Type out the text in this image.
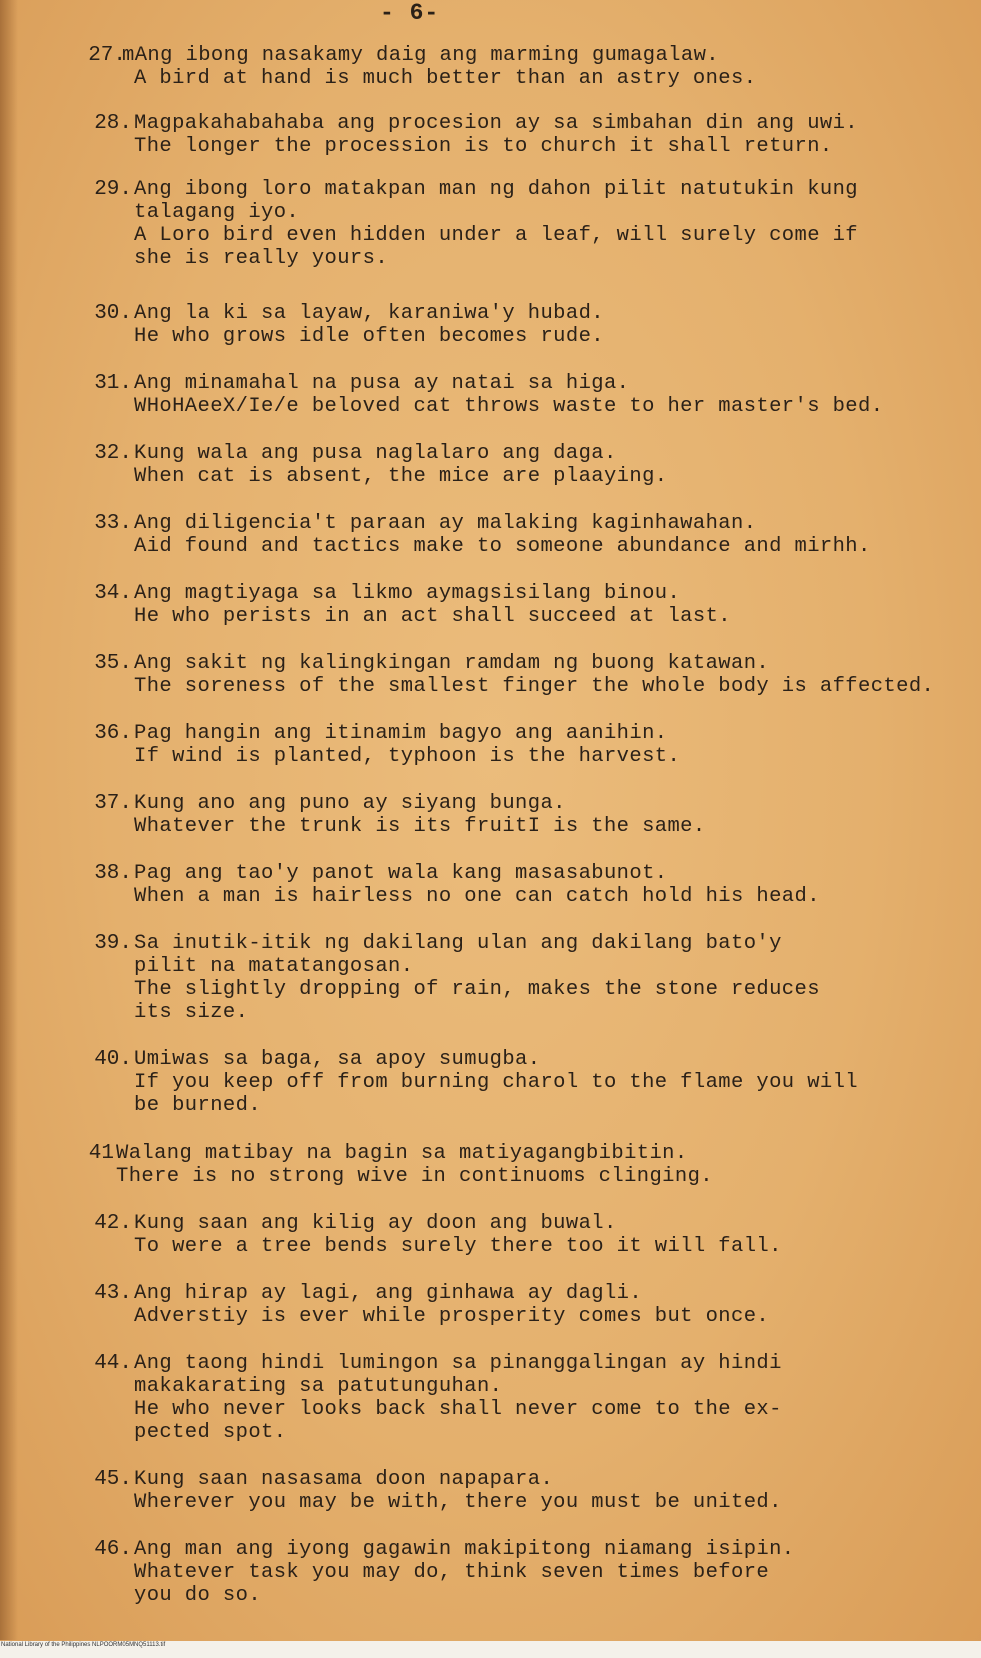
- 6-
27.
mAng ibong nasakamy daig ang marming gumagalaw.
A bird at hand is much better than an astry ones.
28. Magpakahabahaba ang procesion ay sa simbahan din ang uwi.
The longer the procession is to church it shall return.
29. Ang ibong loro matakpan man ng dahon pilit natutukin kung
talagang iyo.
A Loro bird even hidden under a leaf, will surely come if
she is really yours.
30. Ang la ki sa layaw, karaniwa'y hubad.
He who grows idle often becomes rude.
31. Ang minamahal na pusa ay natai sa higa.
WHoHAeeX/Ie/e beloved cat throws waste to her master's bed.
32. Kung wala ang pusa naglalaro ang daga.
When cat is absent, the mice are plaaying.
33. Ang diligencia't paraan ay malaking kaginhawahan.
Aid found and tactics make to someone abundance and mirhh.
34. Ang magtiyaga sa likmo aymagsisilang binou.
He who perists in an act shall succeed at last.
35. Ang sakit ng kalingkingan ramdam ng buong katawan.
The soreness of the smallest finger the whole body is affected.
36. Pag hangin ang itinamim bagyo ang aanihin.
If wind is planted, typhoon is the harvest.
37. Kung ano ang puno ay siyang bunga.
Whatever the trunk is its fruitI is the same.
38. Pag ang tao'y panot wala kang masasabunot.
When a man is hairless no one can catch hold his head.
39. Sa inutik-itik ng dakilang ulan ang dakilang bato'y
pilit na matatangosan.
The slightly dropping of rain, makes the stone reduces
its size.
40. Umiwas sa baga, sa apoy sumugba.
If you keep off from burning charol to the flame you will
be burned.
41 Walang matibay na bagin sa matiyagangbibitin.
There is no strong wive in continuoms clinging.
42. Kung saan ang kilig ay doon ang buwal.
To were a tree bends surely there too it will fall.
43. Ang hirap ay lagi, ang ginhawa ay dagli.
Adverstiy is ever while prosperity comes but once.
44. Ang taong hindi lumingon sa pinanggalingan ay hindi
makakarating sa patutunguhan.
He who never looks back shall never come to the ex-
pected spot.
45. Kung saan nasasama doon napapara.
Wherever you may be with, there you must be united.
46. Ang man ang iyong gagawin makipitong niamang isipin.
Whatever task you may do, think seven times before
you do so.
National Library of the Philippines NLPOORM05MNQ51113.tif
